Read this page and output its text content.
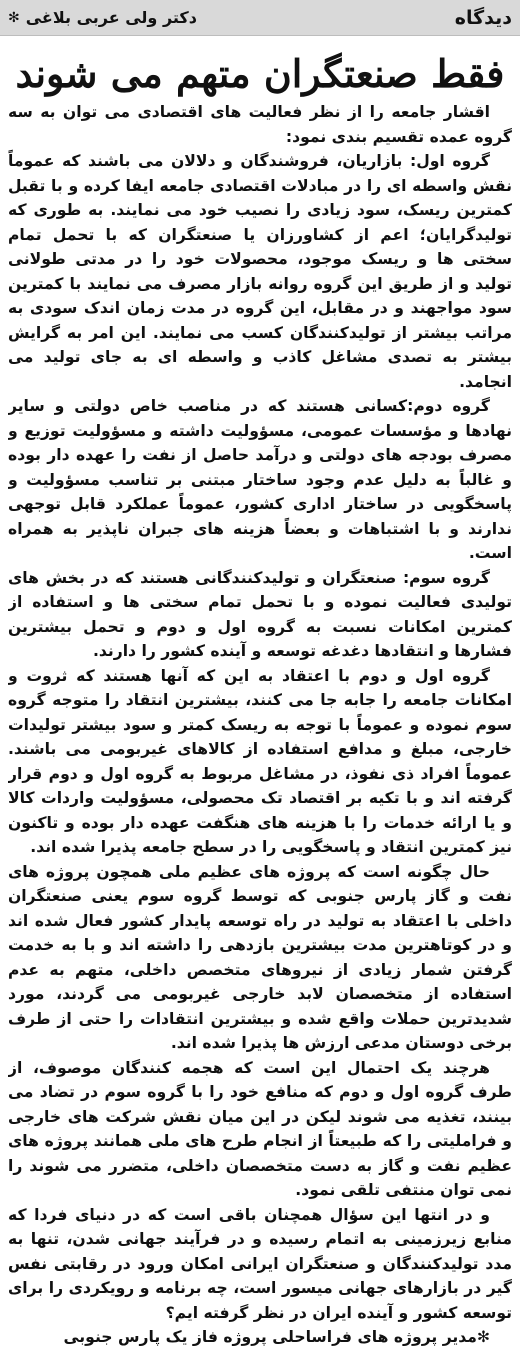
دیدگاه
دکتر ولی عربی بلاغی
✻
فقط صنعتگران متهم می شوند

اقشار جامعه را از نظر فعالیت های اقتصادی می توان به سه گروه عمده تقسیم بندی نمود:

گروه اول: بازاریان، فروشندگان و دلالان می باشند که عموماً نقش واسطه ای را در مبادلات اقتصادی جامعه ایفا کرده و با تقبل کمترین ریسک، سود زیادی را نصیب خود می نمایند. به طوری که تولیدگرایان؛ اعم از کشاورزان یا صنعتگران که با تحمل تمام سختی ها و ریسک موجود، محصولات خود را در مدتی طولانی تولید و از طریق این گروه روانه بازار مصرف می نمایند با کمترین سود مواجهند و در مقابل، این گروه در مدت زمان اندک سودی به مراتب بیشتر از تولیدکنندگان کسب می نمایند. این امر به گرایش بیشتر به تصدی مشاغل کاذب و واسطه ای به جای تولید می انجامد.

گروه دوم:کسانی هستند که در مناصب خاص دولتی و سایر نهادها و مؤسسات عمومی، مسؤولیت داشته و مسؤولیت توزیع و مصرف بودجه های دولتی و درآمد حاصل از نفت را عهده دار بوده و غالباً به دلیل عدم وجود ساختار مبتنی بر تناسب مسؤولیت و پاسخگویی در ساختار اداری کشور، عموماً عملکرد قابل توجهی ندارند و با اشتباهات و بعضاً هزینه های جبران ناپذیر به همراه است.

گروه سوم: صنعتگران و تولیدکنندگانی هستند که در بخش های تولیدی فعالیت نموده و با تحمل تمام سختی ها و استفاده از کمترین امکانات نسبت به گروه اول و دوم و تحمل بیشترین فشارها و انتقادها دغدغه توسعه و آینده کشور را دارند.

گروه اول و دوم با اعتقاد به این که آنها هستند که ثروت و امکانات جامعه را جابه جا می کنند، بیشترین انتقاد را متوجه گروه سوم نموده و عموماً با توجه به ریسک کمتر و سود بیشتر تولیدات خارجی، مبلغ و مدافع استفاده از کالاهای غیربومی می باشند. عموماً افراد ذی نفوذ، در مشاغل مربوط به گروه اول و دوم قرار گرفته اند و با تکیه بر اقتصاد تک محصولی، مسؤولیت واردات کالا و یا ارائه خدمات را با هزینه های هنگفت عهده دار بوده و تاکنون نیز کمترین انتقاد و پاسخگویی را در سطح جامعه پذیرا شده اند.

حال چگونه است که پروژه های عظیم ملی همچون پروژه های نفت و گاز پارس جنوبی که توسط گروه سوم یعنی صنعتگران داخلی با اعتقاد به تولید در راه توسعه پایدار کشور فعال شده اند و در کوتاهترین مدت بیشترین بازدهی را داشته اند و با به خدمت گرفتن شمار زیادی از نیروهای متخصص داخلی، متهم به عدم استفاده از متخصصان لابد خارجی غیربومی می گردند، مورد شدیدترین حملات واقع شده و بیشترین انتقادات را حتی از طرف برخی دوستان مدعی ارزش ها پذیرا شده اند.

هرچند یک احتمال این است که هجمه کنندگان موصوف، از طرف گروه اول و دوم که منافع خود را با گروه سوم در تضاد می بینند، تغذیه می شوند لیکن در این میان نقش شرکت های خارجی و فراملیتی را که طبیعتاً از انجام طرح های ملی همانند پروژه های عظیم نفت و گاز به دست متخصصان داخلی، متضرر می شوند را نمی توان منتفی تلقی نمود.

و در انتها این سؤال همچنان باقی است که در دنیای فردا که منابع زیرزمینی به اتمام رسیده و در فرآیند جهانی شدن، تنها به مدد تولیدکنندگان و صنعتگران ایرانی امکان ورود در رقابتی نفس گیر در بازارهای جهانی میسور است، چه برنامه و رویکردی را برای توسعه کشور و آینده ایران در نظر گرفته ایم؟

✻مدیر پروژه های فراساحلی پروژه فاز یک پارس جنوبی
